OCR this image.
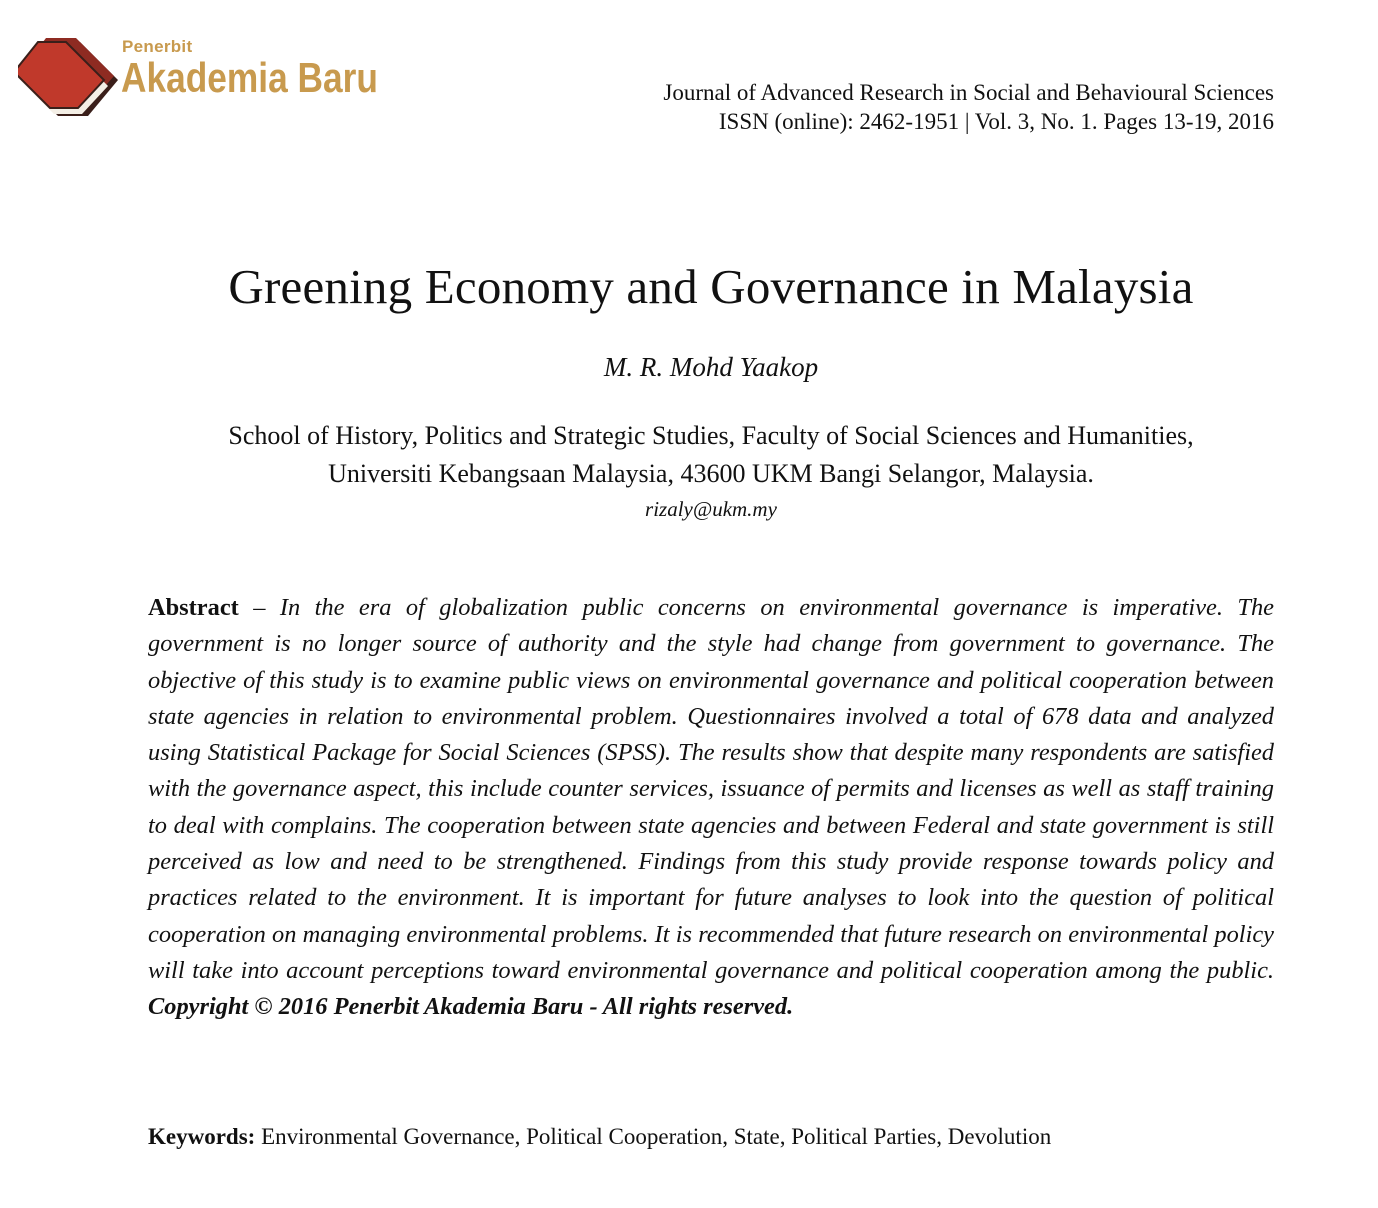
Penerbit
Akademia Baru	Journal of Advanced Research in Social and Behavioural Sciences
ISSN (online): 2462-1951 | Vol. 3, No. 1. Pages 13-19, 2016
Greening Economy and Governance in Malaysia
M. R. Mohd Yaakop
School of History, Politics and Strategic Studies, Faculty of Social Sciences and Humanities,
Universiti Kebangsaan Malaysia, 43600 UKM Bangi Selangor, Malaysia.
rizaly@ukm.my

Abstract – In the era of globalization public concerns on environmental governance is imperative. The government is no longer source of authority and the style had change from government to governance. The objective of this study is to examine public views on environmental governance and political cooperation between state agencies in relation to environmental problem. Questionnaires involved a total of 678 data and analyzed using Statistical Package for Social Sciences (SPSS). The results show that despite many respondents are satisfied with the governance aspect, this include counter services, issuance of permits and licenses as well as staff training to deal with complains. The cooperation between state agencies and between Federal and state government is still perceived as low and need to be strengthened. Findings from this study provide response towards policy and practices related to the environment. It is important for future analyses to look into the question of political cooperation on managing environmental problems. It is recommended that future research on environmental policy will take into account perceptions toward environmental governance and political cooperation among the public. Copyright © 2016 Penerbit Akademia Baru - All rights reserved.

Keywords: Environmental Governance, Political Cooperation, State, Political Parties, Devolution
